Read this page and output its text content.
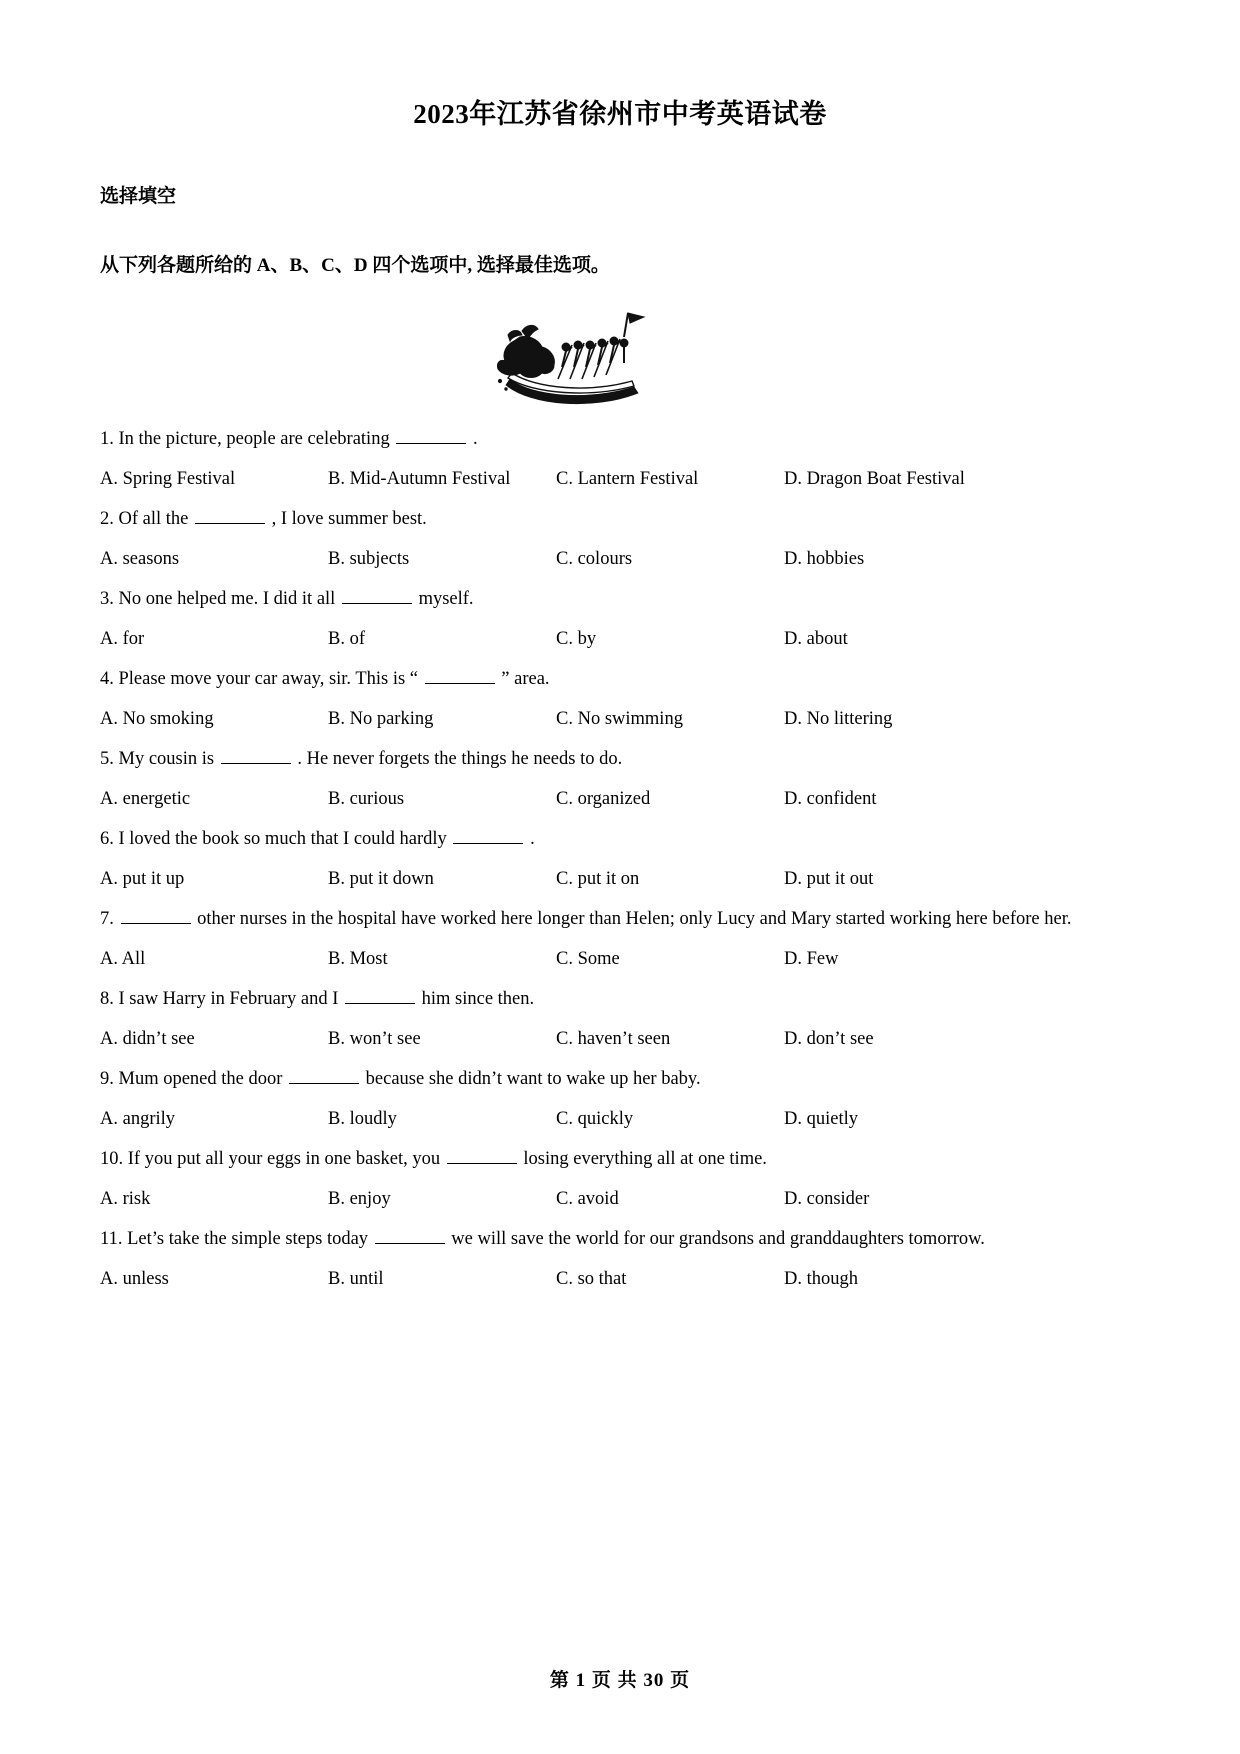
2023年江苏省徐州市中考英语试卷
选择填空
从下列各题所给的 A、B、C、D 四个选项中, 选择最佳选项。

1. In the picture, people are celebrating	.

A. Spring Festival	B. Mid-Autumn Festival	C. Lantern Festival	D. Dragon Boat Festival

2. Of all the	, I love summer best.

A. seasons	B. subjects	C. colours	D. hobbies

3. No one helped me. I did it all	myself.

A. for	B. of	C. by	D. about

4. Please move your car away, sir. This is “	” area.

A. No smoking	B. No parking	C. No swimming	D. No littering

5. My cousin is	. He never forgets the things he needs to do.

A. energetic	B. curious	C. organized	D. confident

6. I loved the book so much that I could hardly	.

A. put it up	B. put it down	C. put it on	D. put it out

7.	other nurses in the hospital have worked here longer than Helen; only Lucy and Mary started working here before her.

A. All	B. Most	C. Some	D. Few

8. I saw Harry in February and I	him since then.

A. didn’t see	B. won’t see	C. haven’t seen	D. don’t see

9. Mum opened the door	because she didn’t want to wake up her baby.

A. angrily	B. loudly	C. quickly	D. quietly

10. If you put all your eggs in one basket, you	losing everything all at one time.

A. risk	B. enjoy	C. avoid	D. consider

11. Let’s take the simple steps today	we will save the world for our grandsons and granddaughters tomorrow.

A. unless	B. until	C. so that	D. though
第 1 页 共 30 页
